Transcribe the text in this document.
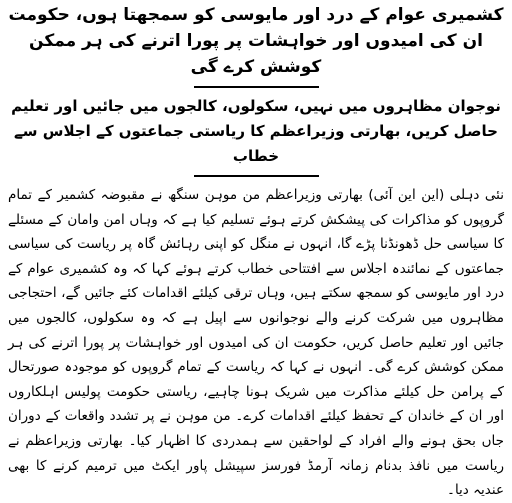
کشمیری عوام کے درد اور مایوسی کو سمجھتا ہوں، حکومت ان کی امیدوں اور خواہشات پر پورا اترنے کی ہر ممکن کوشش کرے گی
نوجوان مظاہروں میں نہیں، سکولوں، کالجوں میں جائیں اور تعلیم حاصل کریں، بھارتی وزیراعظم کا ریاستی جماعتوں کے اجلاس سے خطاب

نئی دہلی (این این آئی) بھارتی وزیراعظم من موہن سنگھ نے مقبوضہ کشمیر کے تمام گروپوں کو مذاکرات کی پیشکش کرتے ہوئے تسلیم کیا ہے کہ وہاں امن وامان کے مسئلے کا سیاسی حل ڈھونڈنا پڑے گا، انہوں نے منگل کو اپنی رہائش گاہ پر ریاست کی سیاسی جماعتوں کے نمائندہ اجلاس سے افتتاحی خطاب کرتے ہوئے کہا کہ وہ کشمیری عوام کے درد اور مایوسی کو سمجھ سکتے ہیں، وہاں ترقی کیلئے اقدامات کئے جائیں گے، احتجاجی مظاہروں میں شرکت کرنے والے نوجوانوں سے اپیل ہے کہ وہ سکولوں، کالجوں میں جائیں اور تعلیم حاصل کریں، حکومت ان کی امیدوں اور خواہشات پر پورا اترنے کی ہر ممکن کوشش کرے گی۔ انہوں نے کہا کہ ریاست کے تمام گروپوں کو موجودہ صورتحال کے پرامن حل کیلئے مذاکرت میں شریک ہونا چاہیے، ریاستی حکومت پولیس اہلکاروں اور ان کے خاندان کے تحفظ کیلئے اقدامات کرے۔ من موہن نے پر تشدد واقعات کے دوران جاں بحق ہونے والے افراد کے لواحقین سے ہمدردی کا اظہار کیا۔ بھارتی وزیراعظم نے ریاست میں نافذ بدنام زمانہ آرمڈ فورسز سپیشل پاور ایکٹ میں ترمیم کرنے کا بھی عندیہ دیا۔
